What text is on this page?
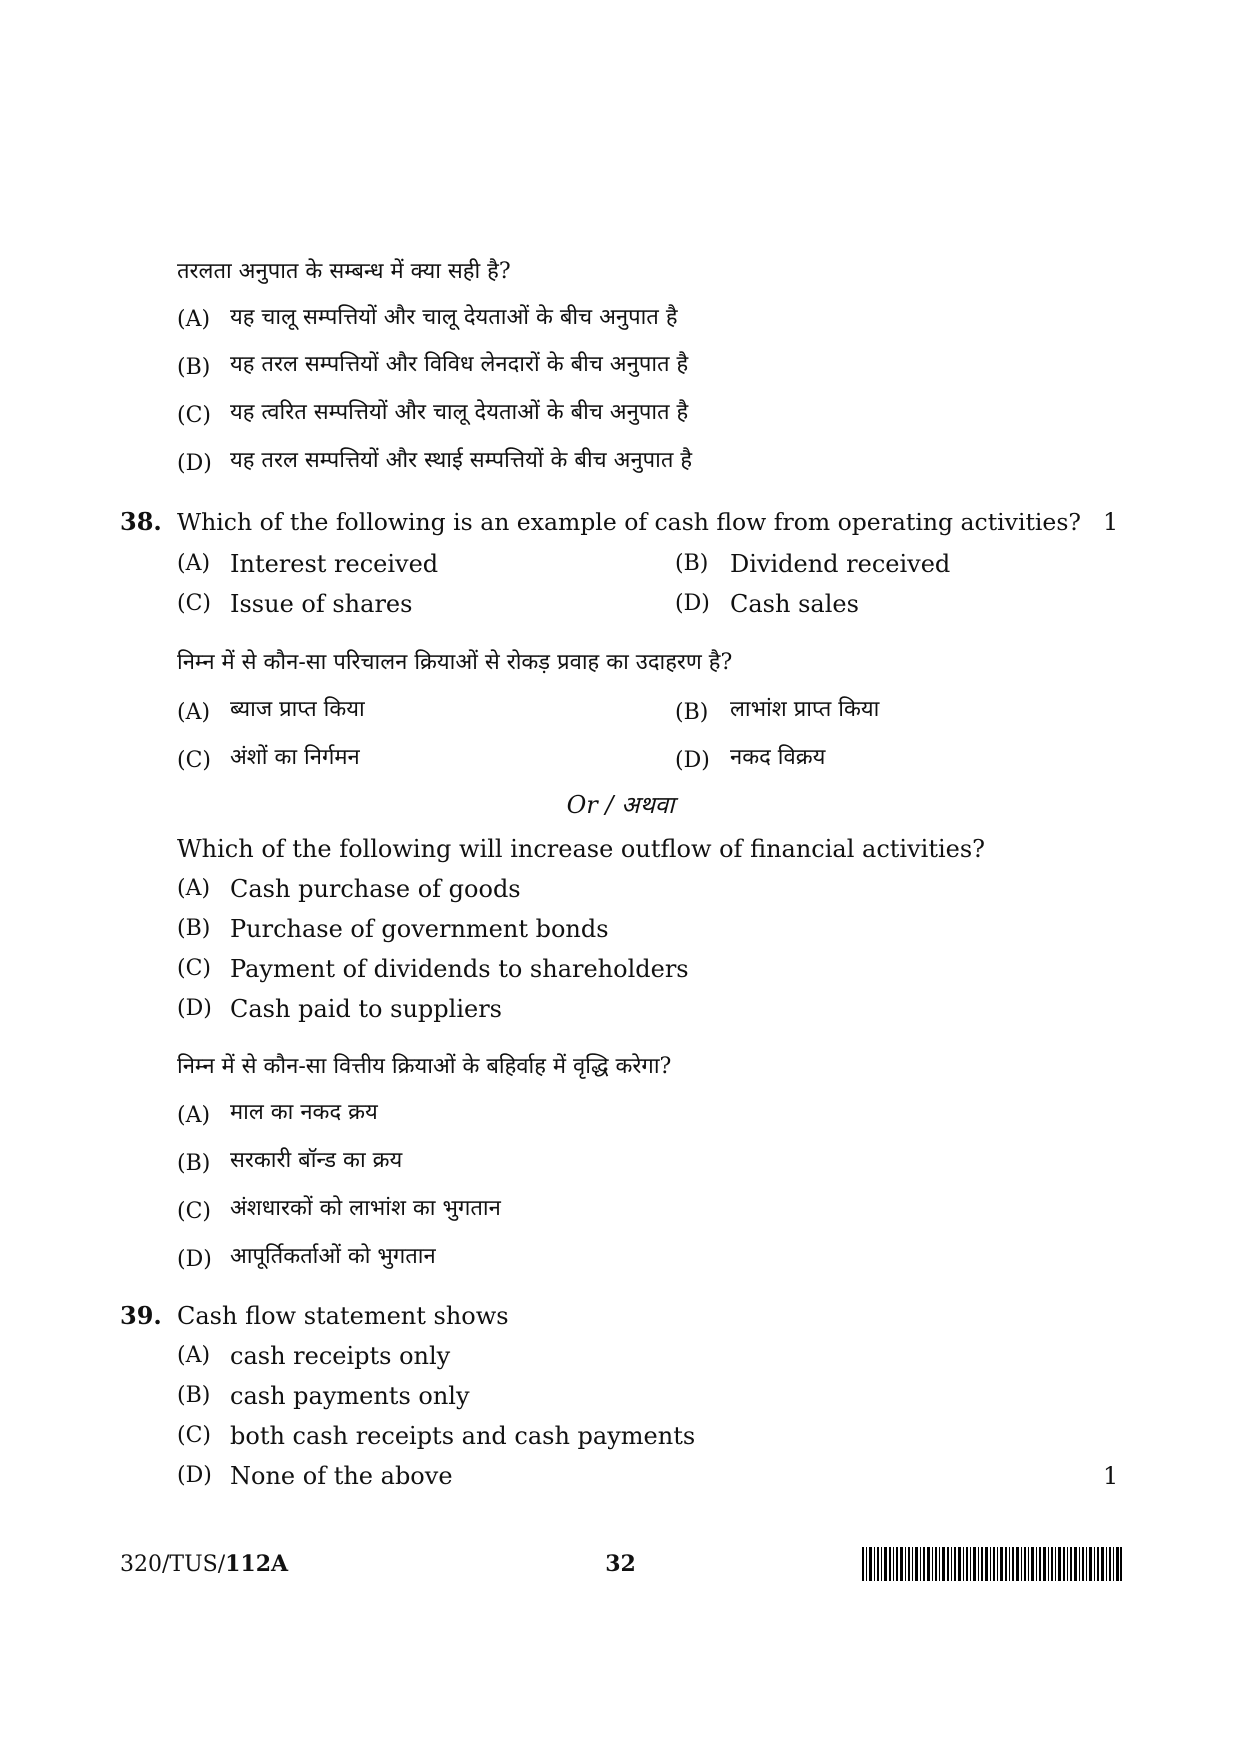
तरलता अनुपात के सम्बन्ध में क्या सही है?
(A) यह चालू सम्पत्तियों और चालू देयताओं के बीच अनुपात है
(B) यह तरल सम्पत्तियों और विविध लेनदारों के बीच अनुपात है
(C) यह त्वरित सम्पत्तियों और चालू देयताओं के बीच अनुपात है
(D) यह तरल सम्पत्तियों और स्थाई सम्पत्तियों के बीच अनुपात है
38. Which of the following is an example of cash flow from operating activities? 1
(A) Interest received	(B) Dividend received
(C) Issue of shares	(D) Cash sales
निम्न में से कौन-सा परिचालन क्रियाओं से रोकड़ प्रवाह का उदाहरण है?
(A) ब्याज प्राप्त किया	(B) लाभांश प्राप्त किया
(C) अंशों का निर्गमन	(D) नकद विक्रय
Or / अथवा
Which of the following will increase outflow of financial activities?
(A) Cash purchase of goods
(B) Purchase of government bonds
(C) Payment of dividends to shareholders
(D) Cash paid to suppliers
निम्न में से कौन-सा वित्तीय क्रियाओं के बहिर्वाह में वृद्धि करेगा?
(A) माल का नकद क्रय
(B) सरकारी बॉन्ड का क्रय
(C) अंशधारकों को लाभांश का भुगतान
(D) आपूर्तिकर्ताओं को भुगतान
39. Cash flow statement shows
(A) cash receipts only
(B) cash payments only
(C) both cash receipts and cash payments
(D) None of the above	1
320/TUS/112A	32
